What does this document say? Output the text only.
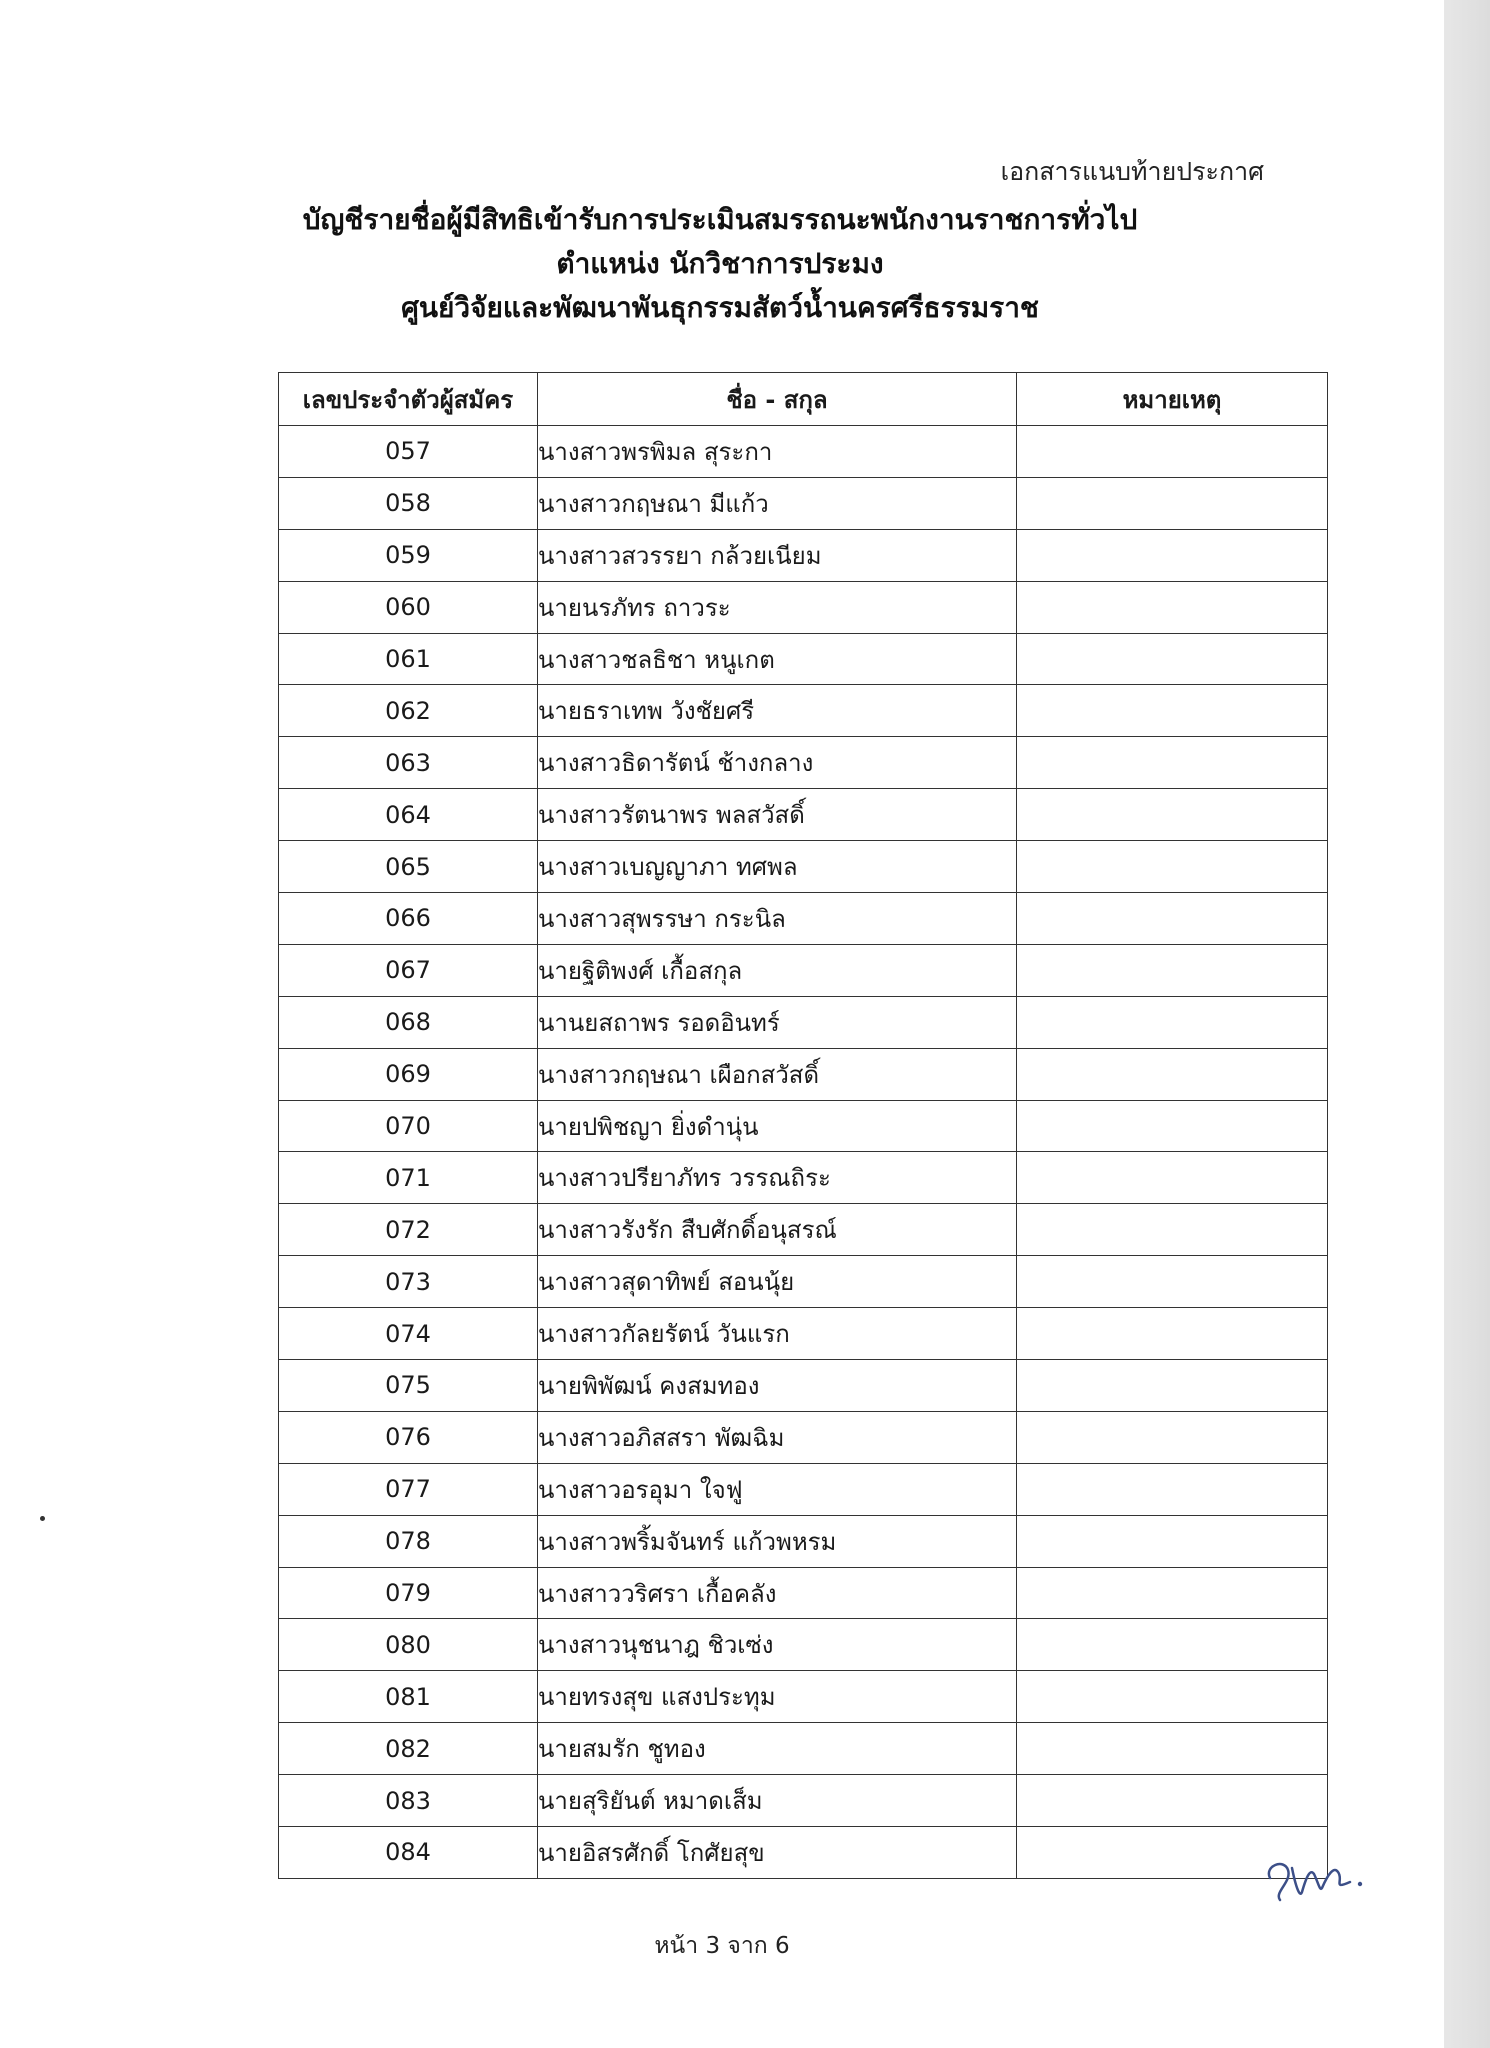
เอกสารแนบท้ายประกาศ
บัญชีรายชื่อผู้มีสิทธิเข้ารับการประเมินสมรรถนะพนักงานราชการทั่วไป
ตำแหน่ง นักวิชาการประมง
ศูนย์วิจัยและพัฒนาพันธุกรรมสัตว์น้ำนครศรีธรรมราช
เลขประจำตัวผู้สมัคร	ชื่อ - สกุล	หมายเหตุ
057	นางสาวพรพิมล สุระกา	
058	นางสาวกฤษณา มีแก้ว	
059	นางสาวสวรรยา กล้วยเนียม	
060	นายนรภัทร ถาวระ	
061	นางสาวชลธิชา หนูเกต	
062	นายธราเทพ วังชัยศรี	
063	นางสาวธิดารัตน์ ช้างกลาง	
064	นางสาวรัตนาพร พลสวัสดิ์	
065	นางสาวเบญญาภา ทศพล	
066	นางสาวสุพรรษา กระนิล	
067	นายฐิติพงศ์ เกื้อสกุล	
068	นานยสถาพร รอดอินทร์	
069	นางสาวกฤษณา เผือกสวัสดิ์	
070	นายปพิชญา ยิ่งดำนุ่น	
071	นางสาวปรียาภัทร วรรณถิระ	
072	นางสาวรังรัก สืบศักดิ์อนุสรณ์	
073	นางสาวสุดาทิพย์ สอนนุ้ย	
074	นางสาวกัลยรัตน์ วันแรก	
075	นายพิพัฒน์ คงสมทอง	
076	นางสาวอภิสสรา พัฒฉิม	
077	นางสาวอรอุมา ใจฟู	
078	นางสาวพริ้มจันทร์ แก้วพหรม	
079	นางสาววริศรา เกื้อคลัง	
080	นางสาวนุชนาฎ ชิวเซ่ง	
081	นายทรงสุข แสงประทุม	
082	นายสมรัก ชูทอง	
083	นายสุริยันต์ หมาดเส็ม	
084	นายอิสรศักดิ์ โกศัยสุข	
หน้า 3 จาก 6
